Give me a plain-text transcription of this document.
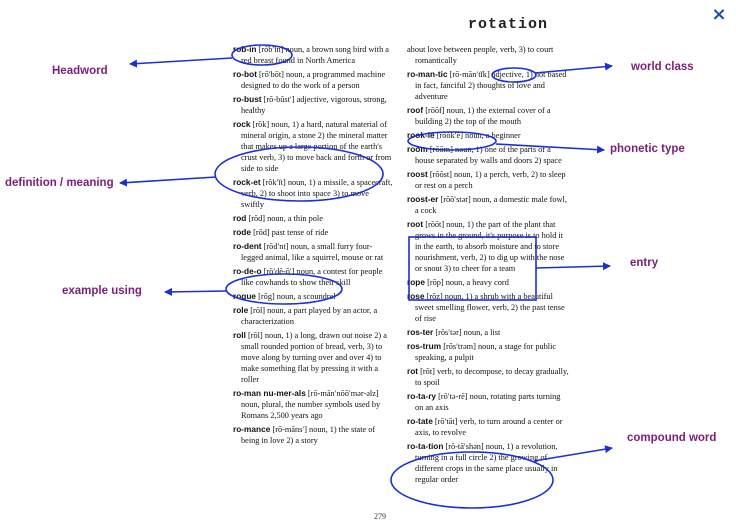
rotation	×
rob-in [rŏb′ĭn] noun, a brown song bird with a red breast found in North America
ro-bot [rō′bŏt] noun, a programmed machine designed to do the work of a person
ro-bust [rō-bŭst′] adjective, vigorous, strong, healthy
rock [rŏk] noun, 1) a hard, natural material of mineral origin, a stone 2) the mineral matter that makes up a large portion of the earth's crust verb, 3) to move back and forth or from side to side
rock-et [rŏk′ĭt] noun, 1) a missile, a spacecraft, verb, 2) to shoot into space 3) to move swiftly
rod [rŏd] noun, a thin pole
rode [rōd] past tense of ride
ro-dent [rōd′nt] noun, a small furry four-legged animal, like a squirrel, mouse or rat
ro-de-o [rō′dē-ō′] noun, a contest for people like cowhands to show their skill
rogue [rōg] noun, a scoundrel
role [rōl] noun, a part played by an actor, a characterization
roll [rōl] noun, 1) a long, drawn out noise 2) a small rounded portion of bread, verb, 3) to move along by turning over and over 4) to make something flat by pressing it with a roller
ro-man nu-mer-als [rō-măn′nōō′mər-əlz] noun, plural, the number symbols used by Romans 2,500 years ago
ro-mance [rō-măns′] noun, 1) the state of being in love 2) a story
about love between people, verb, 3) to court romantically
ro-man-tic [rō-măn′tĭk] adjective, 1) not based in fact, fanciful 2) thoughts of love and adventure
roof [rōōf] noun, 1) the external cover of a building 2) the top of the mouth
rook-ie [rŏŏk′ē] noun, a beginner
room [rōōm] noun, 1) one of the parts of a house separated by walls and doors 2) space
roost [rōōst] noun, 1) a perch, verb, 2) to sleep or rest on a perch
roost-er [rōō′stər] noun, a domestic male fowl, a cock
root [rōōt] noun, 1) the part of the plant that grows in the ground, it's purpose is to hold it in the earth, to absorb moisture and to store nourishment, verb, 2) to dig up with the nose or snout 3) to cheer for a team
rope [rōp] noun, a heavy cord
rose [rōz] noun, 1) a shrub with a beautiful sweet smelling flower, verb, 2) the past tense of rise
ros-ter [rŏs′tər] noun, a list
ros-trum [rŏs′trəm] noun, a stage for public speaking, a pulpit
rot [rŏt] verb, to decompose, to decay gradually, to spoil
ro-ta-ry [rō′tə-rē] noun, rotating parts turning on an axis
ro-tate [rō′tāt] verb, to turn around a center or axis, to revolve
ro-ta-tion [rō-tā′shən] noun, 1) a revolution, turning in a full circle 2) the growing of different crops in the same place usually in regular order
279
Headword
definition / meaning
example using
world class
phonetic type
entry
compound word
